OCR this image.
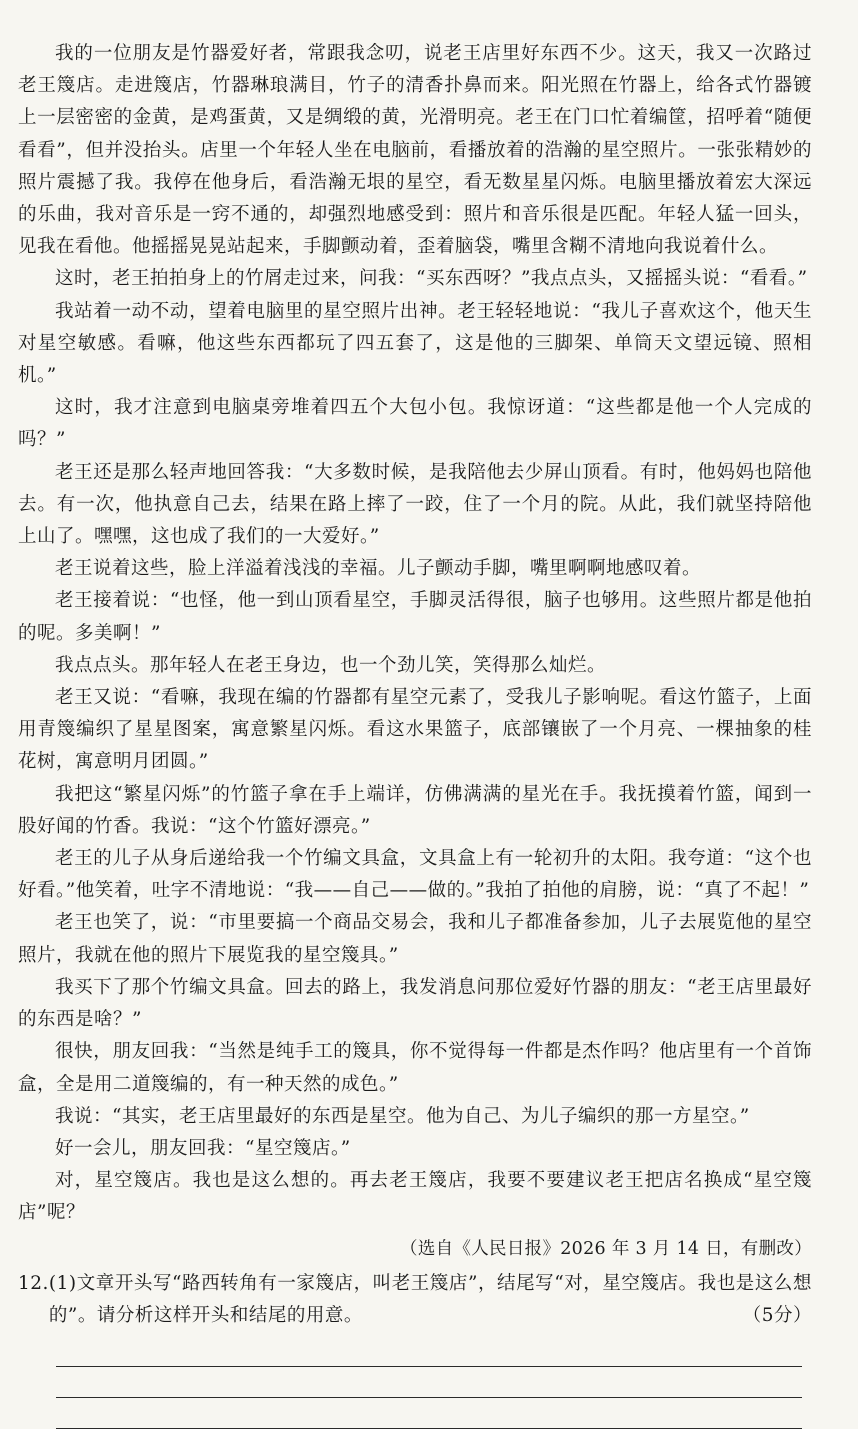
我的一位朋友是竹器爱好者，常跟我念叨，说老王店里好东西不少。这天，我又一次路过老王篾店。走进篾店，竹器琳琅满目，竹子的清香扑鼻而来。阳光照在竹器上，给各式竹器镀上一层密密的金黄，是鸡蛋黄，又是绸缎的黄，光滑明亮。老王在门口忙着编筐，招呼着“随便看看”，但并没抬头。店里一个年轻人坐在电脑前，看播放着的浩瀚的星空照片。一张张精妙的照片震撼了我。我停在他身后，看浩瀚无垠的星空，看无数星星闪烁。电脑里播放着宏大深远的乐曲，我对音乐是一窍不通的，却强烈地感受到：照片和音乐很是匹配。年轻人猛一回头，见我在看他。他摇摇晃晃站起来，手脚颤动着，歪着脑袋，嘴里含糊不清地向我说着什么。

这时，老王拍拍身上的竹屑走过来，问我：“买东西呀？”我点点头，又摇摇头说：“看看。”

我站着一动不动，望着电脑里的星空照片出神。老王轻轻地说：“我儿子喜欢这个，他天生对星空敏感。看嘛，他这些东西都玩了四五套了，这是他的三脚架、单筒天文望远镜、照相机。”

这时，我才注意到电脑桌旁堆着四五个大包小包。我惊讶道：“这些都是他一个人完成的吗？”

老王还是那么轻声地回答我：“大多数时候，是我陪他去少屏山顶看。有时，他妈妈也陪他去。有一次，他执意自己去，结果在路上摔了一跤，住了一个月的院。从此，我们就坚持陪他上山了。嘿嘿，这也成了我们的一大爱好。”

老王说着这些，脸上洋溢着浅浅的幸福。儿子颤动手脚，嘴里啊啊地感叹着。

老王接着说：“也怪，他一到山顶看星空，手脚灵活得很，脑子也够用。这些照片都是他拍的呢。多美啊！”

我点点头。那年轻人在老王身边，也一个劲儿笑，笑得那么灿烂。

老王又说：“看嘛，我现在编的竹器都有星空元素了，受我儿子影响呢。看这竹篮子，上面用青篾编织了星星图案，寓意繁星闪烁。看这水果篮子，底部镶嵌了一个月亮、一棵抽象的桂花树，寓意明月团圆。”

我把这“繁星闪烁”的竹篮子拿在手上端详，仿佛满满的星光在手。我抚摸着竹篮，闻到一股好闻的竹香。我说：“这个竹篮好漂亮。”

老王的儿子从身后递给我一个竹编文具盒，文具盒上有一轮初升的太阳。我夸道：“这个也好看。”他笑着，吐字不清地说：“我——自己——做的。”我拍了拍他的肩膀，说：“真了不起！”

老王也笑了，说：“市里要搞一个商品交易会，我和儿子都准备参加，儿子去展览他的星空照片，我就在他的照片下展览我的星空篾具。”

我买下了那个竹编文具盒。回去的路上，我发消息问那位爱好竹器的朋友：“老王店里最好的东西是啥？”

很快，朋友回我：“当然是纯手工的篾具，你不觉得每一件都是杰作吗？他店里有一个首饰盒，全是用二道篾编的，有一种天然的成色。”

我说：“其实，老王店里最好的东西是星空。他为自己、为儿子编织的那一方星空。”

好一会儿，朋友回我：“星空篾店。”

对，星空篾店。我也是这么想的。再去老王篾店，我要不要建议老王把店名换成“星空篾店”呢？

（选自《人民日报》2026 年 3 月 14 日，有删改）

12. (1)文章开头写“路西转角有一家篾店，叫老王篾店”，结尾写“对，星空篾店。我也是这么想的”。请分析这样开头和结尾的用意。	（5分）
